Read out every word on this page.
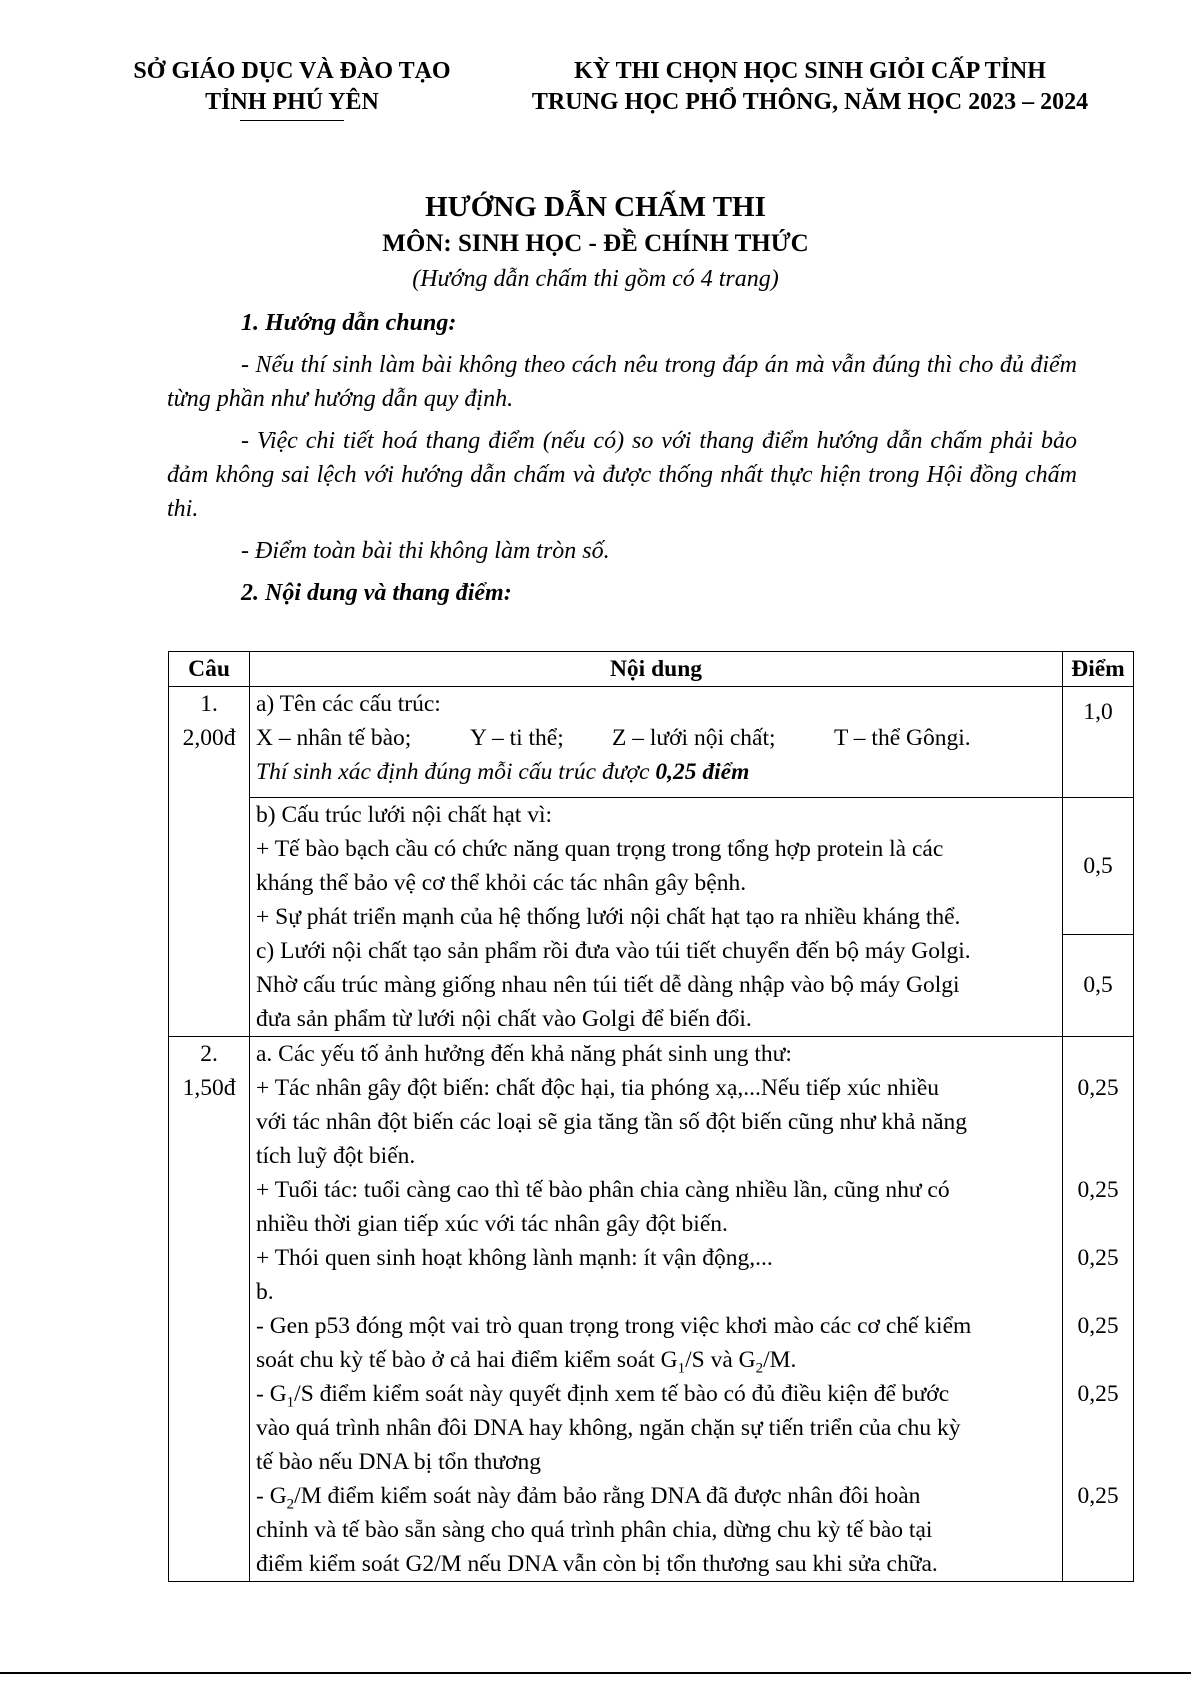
SỞ GIÁO DỤC VÀ ĐÀO TẠO
TỈNH PHÚ YÊN
KỲ THI CHỌN HỌC SINH GIỎI CẤP TỈNH
TRUNG HỌC PHỔ THÔNG, NĂM HỌC 2023 – 2024
HƯỚNG DẪN CHẤM THI
MÔN: SINH HỌC - ĐỀ CHÍNH THỨC
(Hướng dẫn chấm thi gồm có 4 trang)

1. Hướng dẫn chung:

- Nếu thí sinh làm bài không theo cách nêu trong đáp án mà vẫn đúng thì cho đủ điểm từng phần như hướng dẫn quy định.

- Việc chi tiết hoá thang điểm (nếu có) so với thang điểm hướng dẫn chấm phải bảo đảm không sai lệch với hướng dẫn chấm và được thống nhất thực hiện trong Hội đồng chấm thi.

- Điểm toàn bài thi không làm tròn số.

2. Nội dung và thang điểm:

Câu	Nội dung	Điểm

1.
2,00đ	a) Tên các cấu trúc:
X – nhân tế bào; Y – ti thể; Z – lưới nội chất; T – thể Gôngi.
Thí sinh xác định đúng mỗi cấu trúc được 0,25 điểm	1,0

	b) Cấu trúc lưới nội chất hạt vì:
+ Tế bào bạch cầu có chức năng quan trọng trong tổng hợp protein là các
kháng thể bảo vệ cơ thể khỏi các tác nhân gây bệnh.
+ Sự phát triển mạnh của hệ thống lưới nội chất hạt tạo ra nhiều kháng thể.	0,5

	c) Lưới nội chất tạo sản phẩm rồi đưa vào túi tiết chuyển đến bộ máy Golgi.
Nhờ cấu trúc màng giống nhau nên túi tiết dễ dàng nhập vào bộ máy Golgi
đưa sản phẩm từ lưới nội chất vào Golgi để biến đổi.	0,5

2.
1,50đ	a. Các yếu tố ảnh hưởng đến khả năng phát sinh ung thư:
+ Tác nhân gây đột biến: chất độc hại, tia phóng xạ,...Nếu tiếp xúc nhiều
với tác nhân đột biến các loại sẽ gia tăng tần số đột biến cũng như khả năng
tích luỹ đột biến.	0,25

	+ Tuổi tác: tuổi càng cao thì tế bào phân chia càng nhiều lần, cũng như có
nhiều thời gian tiếp xúc với tác nhân gây đột biến.	0,25

	+ Thói quen sinh hoạt không lành mạnh: ít vận động,...
b.	0,25

	- Gen p53 đóng một vai trò quan trọng trong việc khơi mào các cơ chế kiểm
soát chu kỳ tế bào ở cả hai điểm kiểm soát $G_1/S$ và $G_2/M$.	0,25

	- $G_1/S$ điểm kiểm soát này quyết định xem tế bào có đủ điều kiện để bước
vào quá trình nhân đôi DNA hay không, ngăn chặn sự tiến triển của chu kỳ
tế bào nếu DNA bị tổn thương	0,25

	- $G_2/M$ điểm kiểm soát này đảm bảo rằng DNA đã được nhân đôi hoàn
chỉnh và tế bào sẵn sàng cho quá trình phân chia, dừng chu kỳ tế bào tại
điểm kiểm soát G2/M nếu DNA vẫn còn bị tổn thương sau khi sửa chữa.	0,25
